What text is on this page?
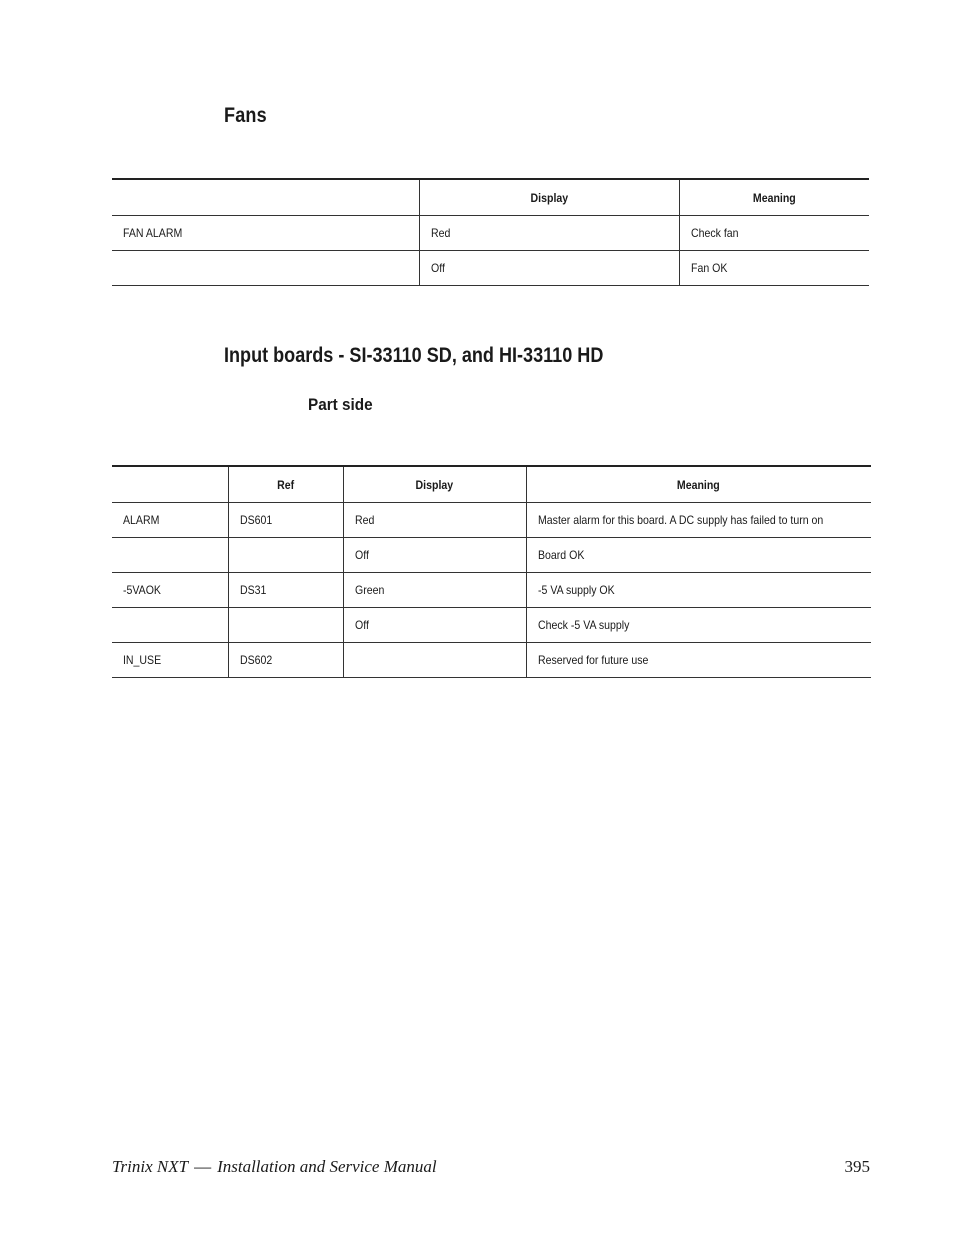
Fans
	Display	Meaning
FAN ALARM	Red	Check fan
	Off	Fan OK
Input boards - SI-33110 SD, and HI-33110 HD
Part side
	Ref	Display	Meaning
ALARM	DS601	Red	Master alarm for this board. A DC supply has failed to turn on
		Off	Board OK
-5VAOK	DS31	Green	-5 VA supply OK
		Off	Check -5 VA supply
IN_USE	DS602		Reserved for future use
Trinix NXT — Installation and Service Manual	395
